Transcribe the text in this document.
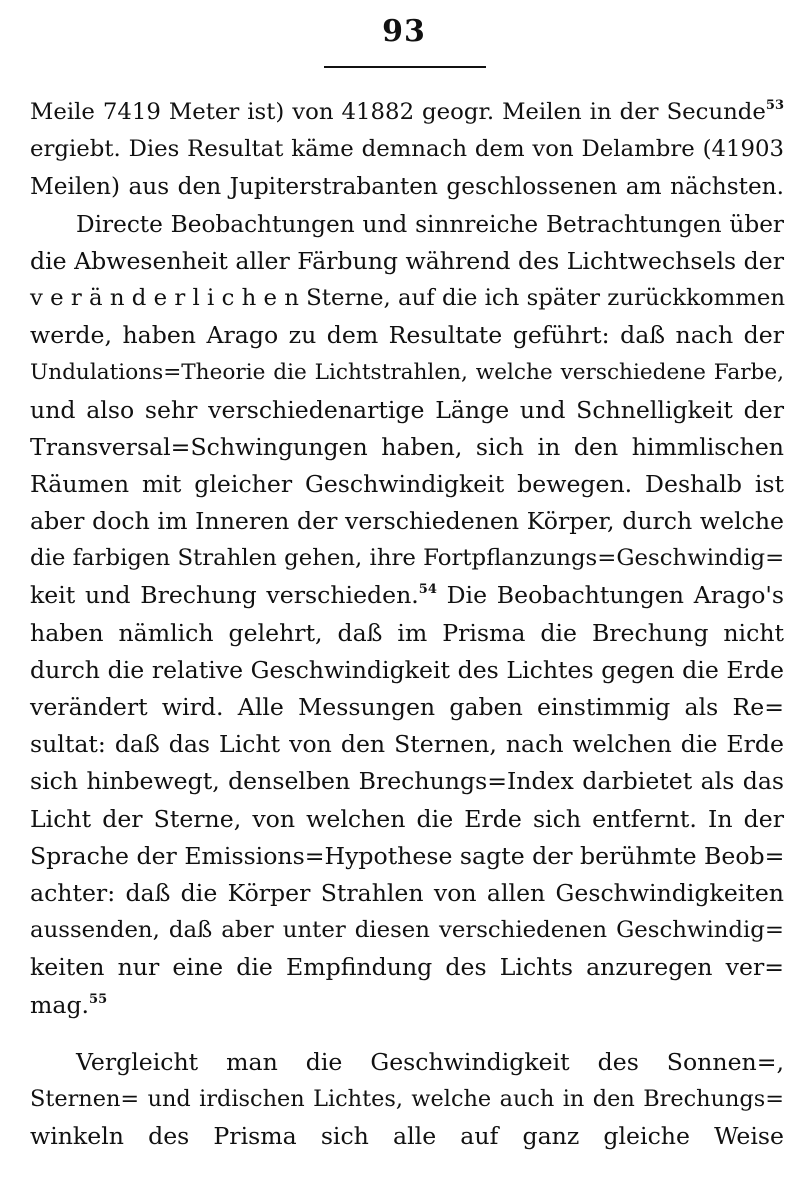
93
Meile 7419 Meter ist) von 41882 geogr. Meilen in der Secunde$^{53}$
ergiebt. Dies Resultat käme demnach dem von Delambre (41903
Meilen) aus den Jupiterstrabanten geschlossenen am nächsten.
Directe Beobachtungen und sinnreiche Betrachtungen über
die Abwesenheit aller Färbung während des Lichtwechsels der
v e r ä n d e r l i c h e n Sterne, auf die ich später zurückkommen
werde, haben Arago zu dem Resultate geführt: daß nach der
Undulations=Theorie die Lichtstrahlen, welche verschiedene Farbe,
und also sehr verschiedenartige Länge und Schnelligkeit der
Transversal=Schwingungen haben, sich in den himmlischen
Räumen mit gleicher Geschwindigkeit bewegen. Deshalb ist
aber doch im Inneren der verschiedenen Körper, durch welche
die farbigen Strahlen gehen, ihre Fortpflanzungs=Geschwindig=
keit und Brechung verschieden.$^{54}$ Die Beobachtungen Arago's
haben nämlich gelehrt, daß im Prisma die Brechung nicht
durch die relative Geschwindigkeit des Lichtes gegen die Erde
verändert wird. Alle Messungen gaben einstimmig als Re=
sultat: daß das Licht von den Sternen, nach welchen die Erde
sich hinbewegt, denselben Brechungs=Index darbietet als das
Licht der Sterne, von welchen die Erde sich entfernt. In der
Sprache der Emissions=Hypothese sagte der berühmte Beob=
achter: daß die Körper Strahlen von allen Geschwindigkeiten
aussenden, daß aber unter diesen verschiedenen Geschwindig=
keiten nur eine die Empfindung des Lichts anzuregen ver=
mag.$^{55}$
Vergleicht man die Geschwindigkeit des Sonnen=,
Sternen= und irdischen Lichtes, welche auch in den Brechungs=
winkeln des Prisma sich alle auf ganz gleiche Weise
